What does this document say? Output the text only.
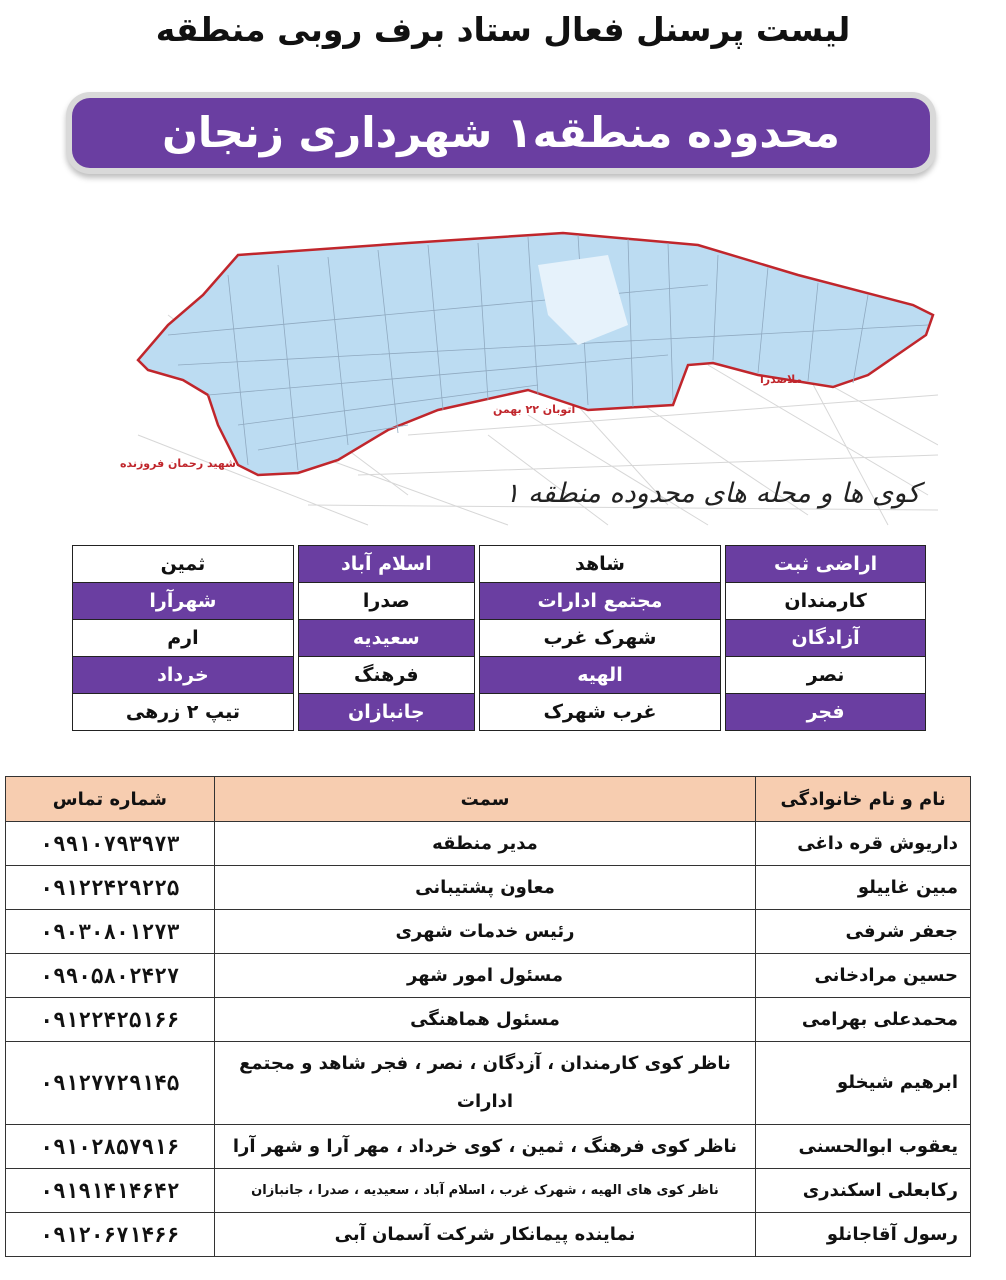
لیست پرسنل فعال ستاد برف روبی منطقه
محدوده منطقه۱ شهرداری زنجان
اتوبان ۲۲ بهمن
ملاصدرا
شهید رحمان فروزنده
کوی ها و محله های محدوده منطقه ۱
اراضی ثبت		شاهد		اسلام آباد		ثمین
کارمندان		مجتمع ادارات		صدرا		شهرآرا
آزادگان		شهرک غرب		سعیدیه		ارم
نصر		الهیه		فرهنگ		خرداد
فجر		غرب شهرک		جانبازان		تیپ ۲ زرهی
نام و نام خانوادگی	سمت	شماره تماس
داریوش قره داغی	مدیر منطقه	۰۹۹۱۰۷۹۳۹۷۳
مبین غاییلو	معاون پشتیبانی	۰۹۱۲۲۴۲۹۲۲۵
جعفر شرفی	رئیس خدمات شهری	۰۹۰۳۰۸۰۱۲۷۳
حسین مرادخانی	مسئول امور شهر	۰۹۹۰۵۸۰۲۴۲۷
محمدعلی بهرامی	مسئول هماهنگی	۰۹۱۲۲۴۲۵۱۶۶
ابرهیم شیخلو	ناظر کوی کارمندان ، آزدگان ، نصر ، فجر شاهد و مجتمع ادارات	۰۹۱۲۷۷۲۹۱۴۵
یعقوب ابوالحسنی	ناظر کوی فرهنگ ، ثمین ، کوی خرداد ، مهر آرا و شهر آرا	۰۹۱۰۲۸۵۷۹۱۶
رکابعلی اسکندری	ناظر کوی های الهیه ، شهرک غرب ، اسلام آباد ، سعیدیه ، صدرا ، جانبازان	۰۹۱۹۱۴۱۴۶۴۲
رسول آقاجانلو	نماینده پیمانکار شرکت آسمان آبی	۰۹۱۲۰۶۷۱۴۶۶
